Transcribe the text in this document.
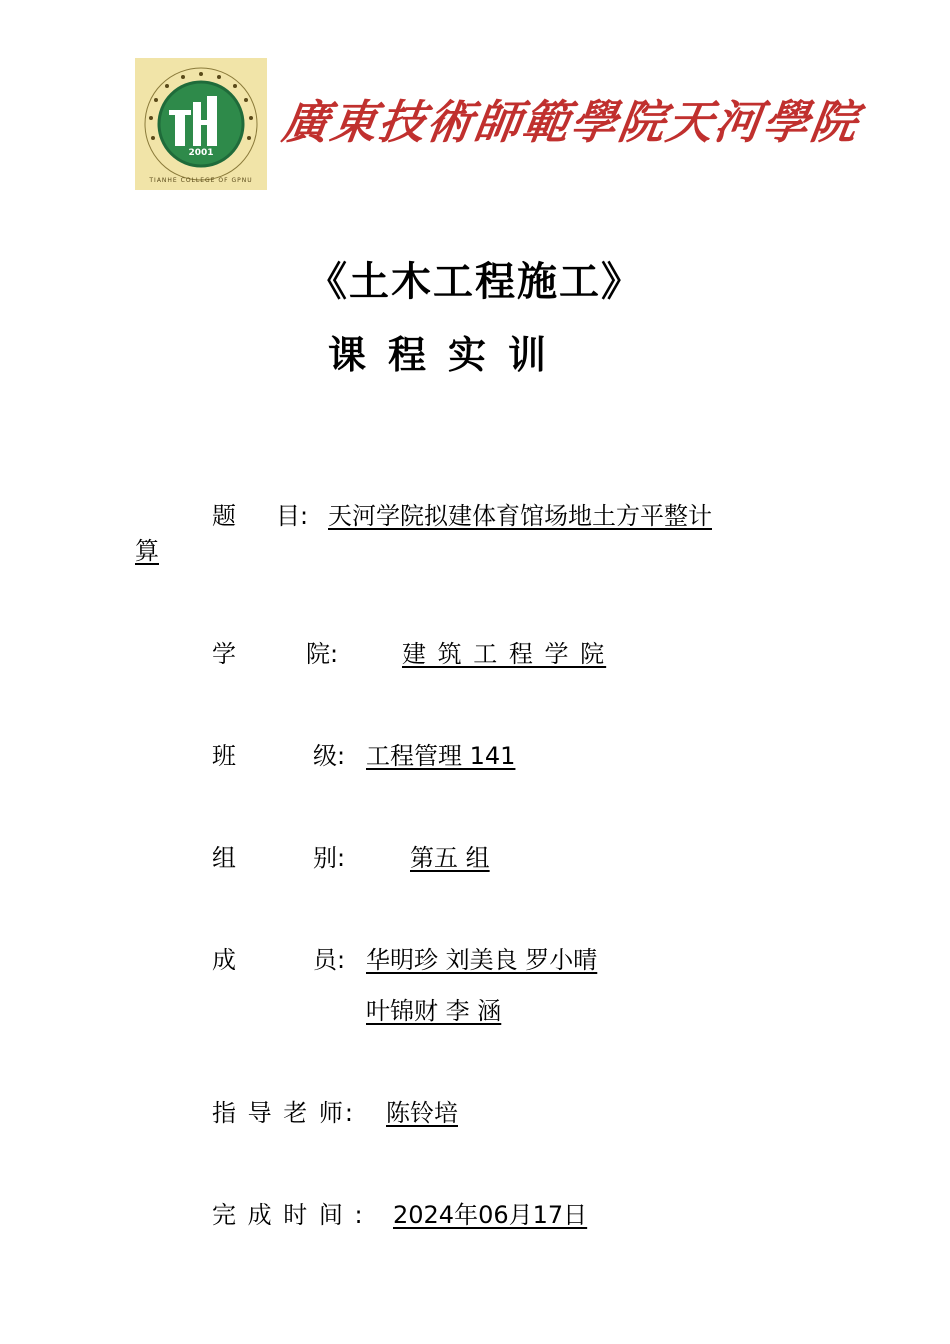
2001
TIANHE COLLEGE OF GPNU
廣東技術師範學院天河學院
《土木工程施工》
课程实训
题 目: 天河学院拟建体育馆场地土方平整计
算
学	院:	建 筑 工 程 学 院
班	级: 工程管理 141
组	别:	第五 组
成	员: 华明珍 刘美良 罗小晴
叶锦财 李 涵
指 导 老 师: 陈铃培
完 成 时 间 : 2024年06月17日
